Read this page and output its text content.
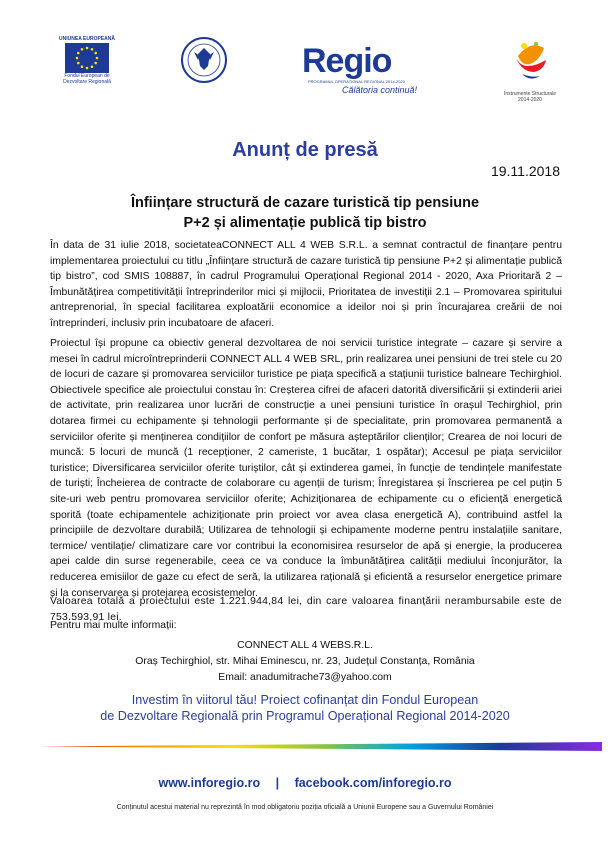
UNIUNEA EUROPEANĂ
Fondul European de Dezvoltare Regională
Regio
PROGRAMUL OPERAȚIONAL REGIONAL 2014-2020
Călătoria continuă!	Instrumente Structurale 2014-2020
Anunț de presă
19.11.2018
Înființare structură de cazare turistică tip pensiune
P+2 și alimentație publică tip bistro
În data de 31 iulie 2018, societateaCONNECT ALL 4 WEB S.R.L. a semnat contractul de finanțare pentru implementarea proiectului cu titlu „Înființare structură de cazare turistică tip pensiune P+2 și alimentație publică tip bistro”, cod SMIS 108887, în cadrul Programului Operațional Regional 2014 - 2020, Axa Prioritară 2 – Îmbunătățirea competitivității întreprinderilor mici și mijlocii, Prioritatea de investiții 2.1 – Promovarea spiritului antreprenorial, în special facilitarea exploatării economice a ideilor noi și prin încurajarea creării de noi întreprinderi, inclusiv prin incubatoare de afaceri.
Proiectul își propune ca obiectiv general dezvoltarea de noi servicii turistice integrate – cazare și servire a mesei în cadrul microîntreprinderii CONNECT ALL 4 WEB SRL, prin realizarea unei pensiuni de trei stele cu 20 de locuri de cazare și promovarea serviciilor turistice pe piața specifică a stațiunii turistice balneare Techirghiol. Obiectivele specifice ale proiectului constau în: Creșterea cifrei de afaceri datorită diversificării și extinderii ariei de activitate, prin realizarea unor lucrări de construcție a unei pensiuni turistice în orașul Techirghiol, prin dotarea firmei cu echipamente și tehnologii performante și de specialitate, prin promovarea permanentă a serviciilor oferite și menținerea condițiilor de confort pe măsura așteptărilor clienților; Crearea de noi locuri de muncă: 5 locuri de muncă (1 recepționer, 2 cameriste, 1 bucătar, 1 ospătar); Accesul pe piața serviciilor turistice; Diversificarea serviciilor oferite turiștilor, cât și extinderea gamei, în funcție de tendințele manifestate de turiști; Încheierea de contracte de colaborare cu agenții de turism; Înregistarea și înscrierea pe cel puțin 5 site-uri web pentru promovarea serviciilor oferite; Achiziționarea de echipamente cu o eficiență energetică sporită (toate echipamentele achiziționate prin proiect vor avea clasa energetică A), contribuind astfel la principiile de dezvoltare durabilă; Utilizarea de tehnologii și echipamente moderne pentru instalațiile sanitare, termice/ ventilație/ climatizare care vor contribui la economisirea resurselor de apă și energie, la producerea apei calde din surse regenerabile, ceea ce va conduce la îmbunătățirea calității mediului înconjurător, la reducerea emisiilor de gaze cu efect de seră, la utilizarea rațională și eficientă a resurselor energetice primare și la conservarea și protejarea ecosistemelor.
Valoarea totală a proiectului este 1.221.944,84 lei, din care valoarea finanțării nerambursabile este de 753.593,91 lei.
Pentru mai multe informații:
CONNECT ALL 4 WEBS.R.L.
Oraș Techirghiol, str. Mihai Eminescu, nr. 23, Județul Constanța, România
Email: anadumitrache73@yahoo.com
Investim în viitorul tău! Proiect cofinanțat din Fondul European
de Dezvoltare Regională prin Programul Operațional Regional 2014-2020
www.inforegio.ro | facebook.com/inforegio.ro
Conținutul acestui material nu reprezintă în mod obligatoriu poziția oficială a Uniunii Europene sau a Guvernului României
